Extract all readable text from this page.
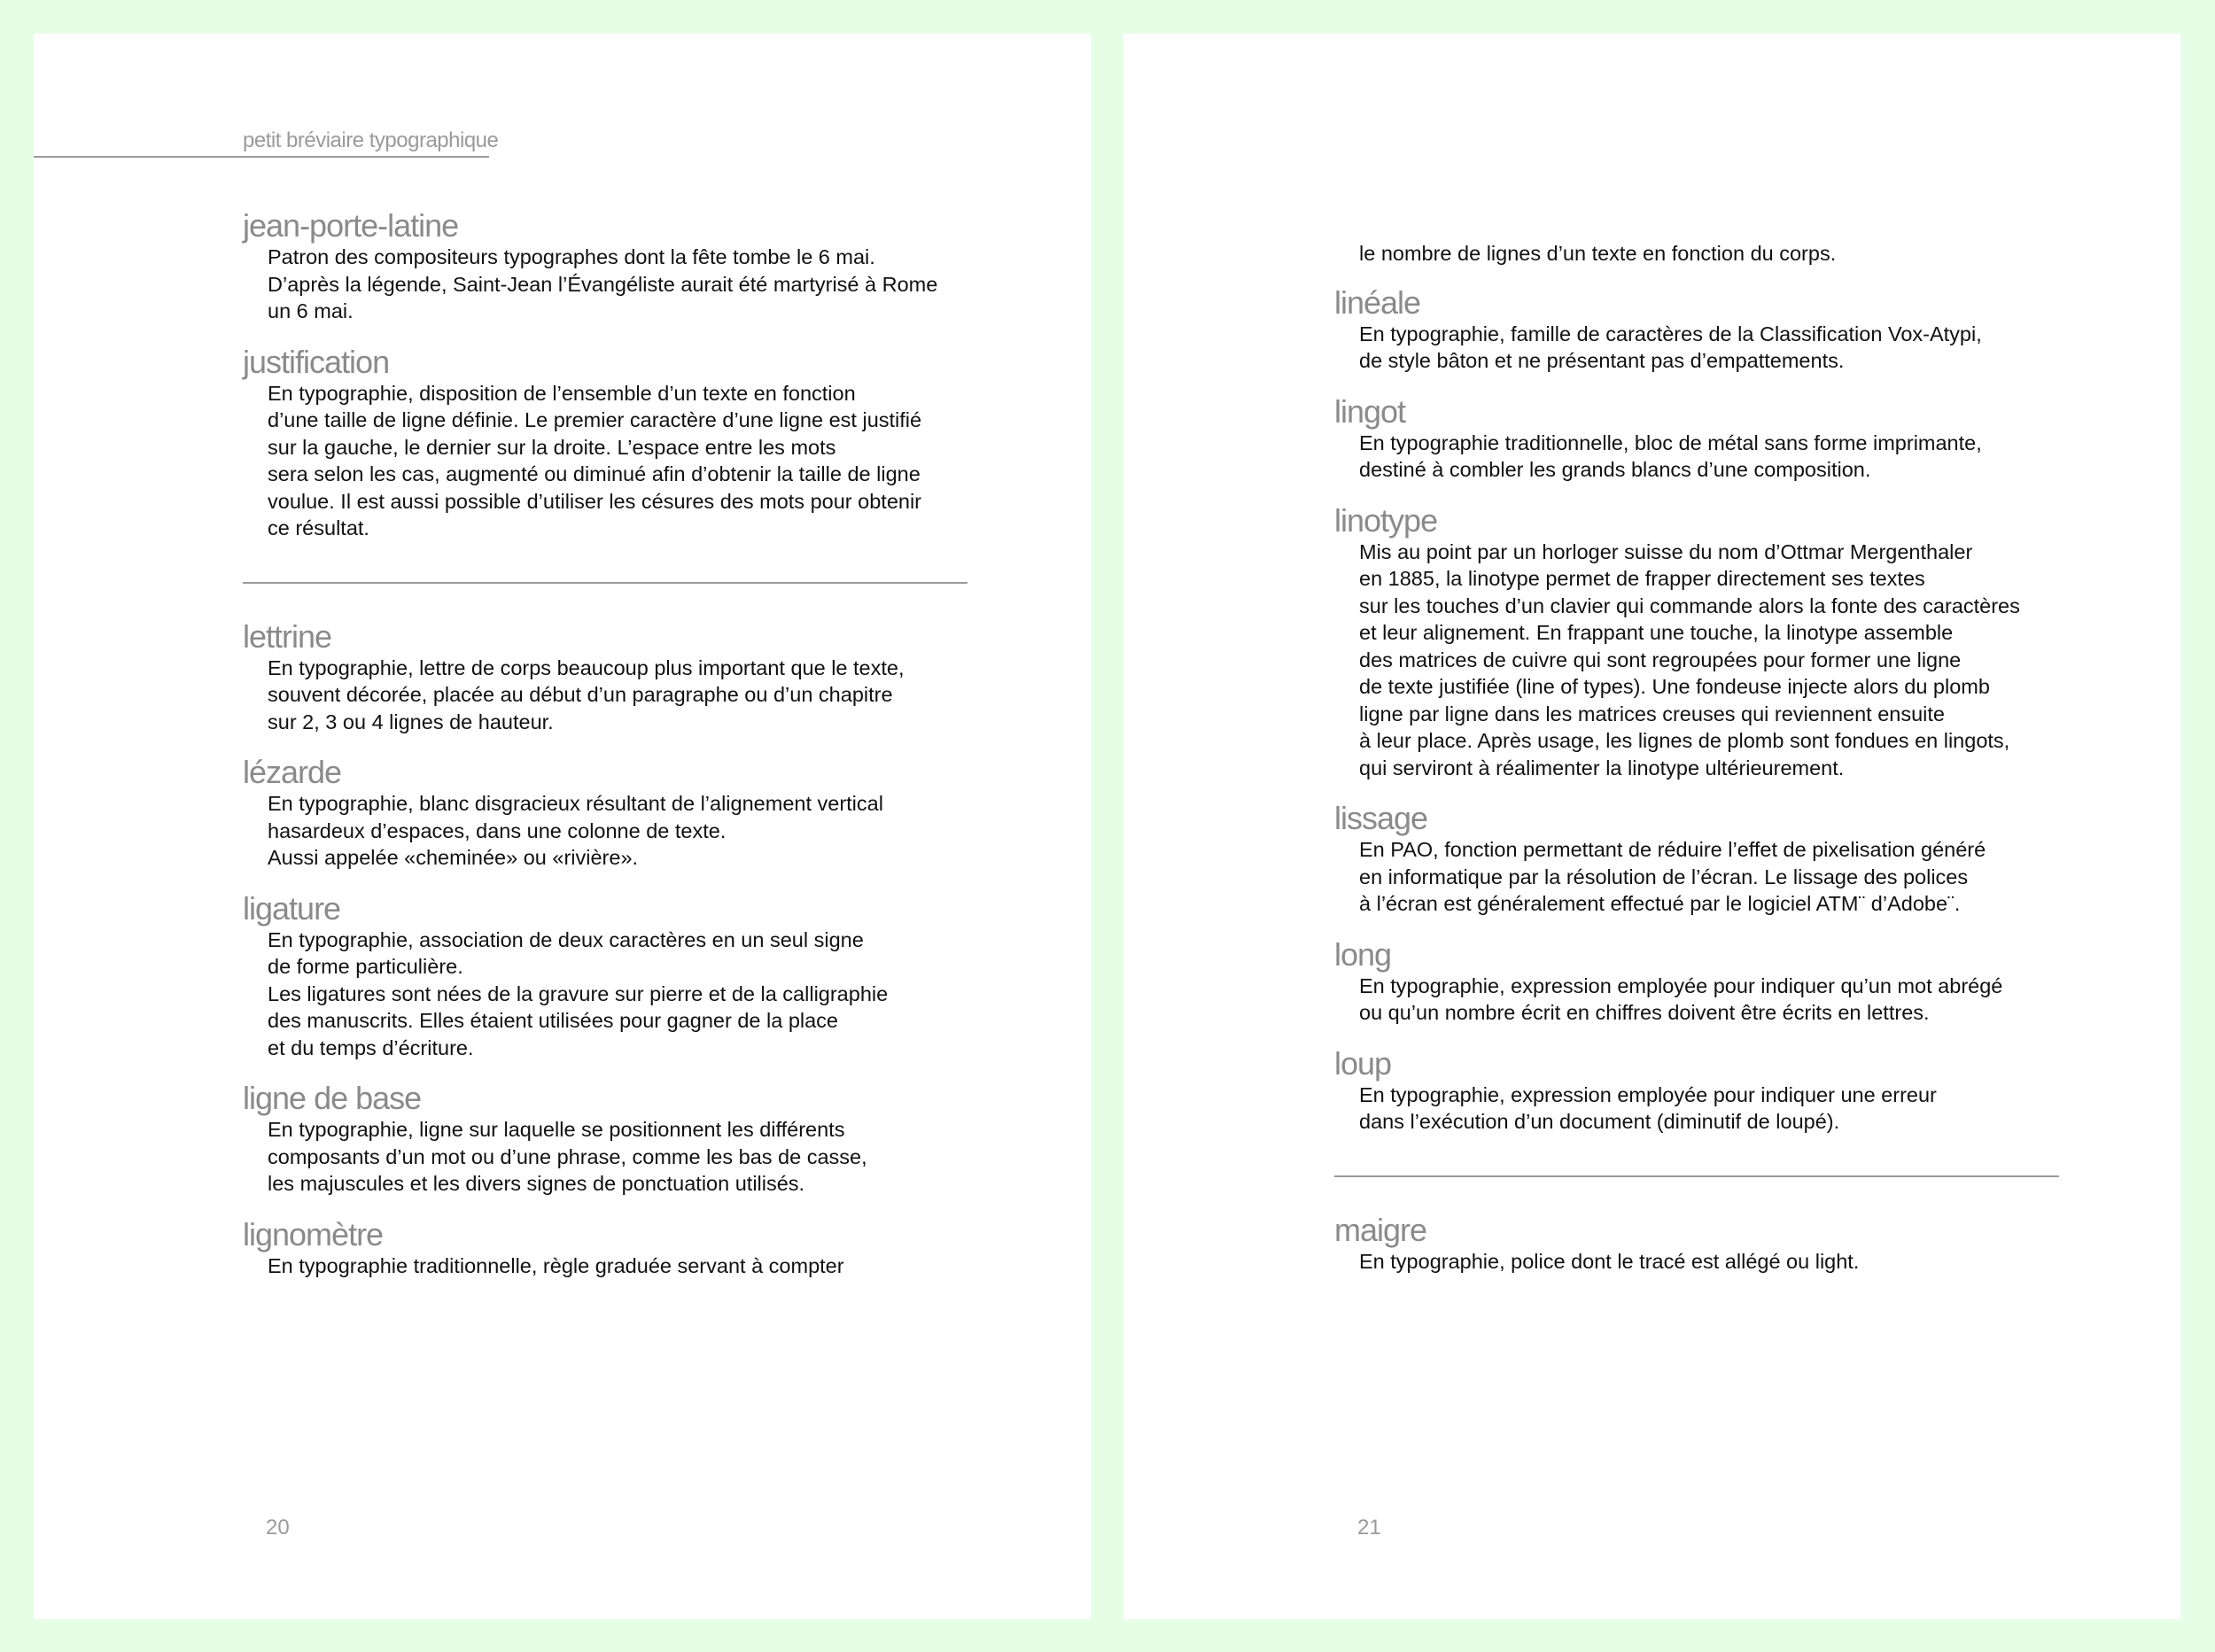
petit bréviaire typographique
jean-porte-latine
Patron des compositeurs typographes dont la fête tombe le 6 mai.
D’après la légende, Saint-Jean l’Évangéliste aurait été martyrisé à Rome
un 6 mai.
justification
En typographie, disposition de l’ensemble d’un texte en fonction
d’une taille de ligne définie. Le premier caractère d’une ligne est justifié
sur la gauche, le dernier sur la droite. L’espace entre les mots
sera selon les cas, augmenté ou diminué afin d’obtenir la taille de ligne
voulue. Il est aussi possible d’utiliser les césures des mots pour obtenir
ce résultat.
lettrine
En typographie, lettre de corps beaucoup plus important que le texte,
souvent décorée, placée au début d’un paragraphe ou d’un chapitre
sur 2, 3 ou 4 lignes de hauteur.
lézarde
En typographie, blanc disgracieux résultant de l’alignement vertical
hasardeux d’espaces, dans une colonne de texte.
Aussi appelée «cheminée» ou «rivière».
ligature
En typographie, association de deux caractères en un seul signe
de forme particulière.
Les ligatures sont nées de la gravure sur pierre et de la calligraphie
des manuscrits. Elles étaient utilisées pour gagner de la place
et du temps d’écriture.
ligne de base
En typographie, ligne sur laquelle se positionnent les différents
composants d’un mot ou d’une phrase, comme les bas de casse,
les majuscules et les divers signes de ponctuation utilisés.
lignomètre
En typographie traditionnelle, règle graduée servant à compter
20
le nombre de lignes d’un texte en fonction du corps.
linéale
En typographie, famille de caractères de la Classification Vox-Atypi,
de style bâton et ne présentant pas d’empattements.
lingot
En typographie traditionnelle, bloc de métal sans forme imprimante,
destiné à combler les grands blancs d’une composition.
linotype
Mis au point par un horloger suisse du nom d’Ottmar Mergenthaler
en 1885, la linotype permet de frapper directement ses textes
sur les touches d’un clavier qui commande alors la fonte des caractères
et leur alignement. En frappant une touche, la linotype assemble
des matrices de cuivre qui sont regroupées pour former une ligne
de texte justifiée (line of types). Une fondeuse injecte alors du plomb
ligne par ligne dans les matrices creuses qui reviennent ensuite
à leur place. Après usage, les lignes de plomb sont fondues en lingots,
qui serviront à réalimenter la linotype ultérieurement.
lissage
En PAO, fonction permettant de réduire l’effet de pixelisation généré
en informatique par la résolution de l’écran. Le lissage des polices
à l’écran est généralement effectué par le logiciel ATM¨ d’Adobe¨.
long
En typographie, expression employée pour indiquer qu’un mot abrégé
ou qu’un nombre écrit en chiffres doivent être écrits en lettres.
loup
En typographie, expression employée pour indiquer une erreur
dans l’exécution d’un document (diminutif de loupé).
maigre
En typographie, police dont le tracé est allégé ou light.
21
